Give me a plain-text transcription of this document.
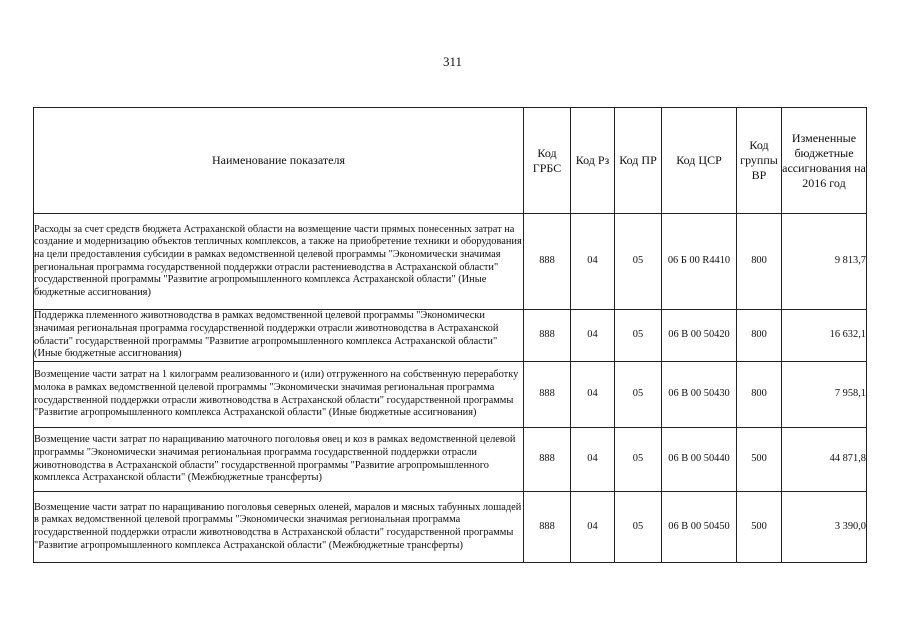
311
Наименование показателя	Код ГРБС	Код Рз	Код ПР	Код ЦСР	Код группы ВР	Измененные бюджетные ассигнования на 2016 год
Расходы за счет средств бюджета Астраханской области на возмещение части прямых понесенных затрат на создание и модернизацию объектов тепличных комплексов, а также на приобретение техники и оборудования на цели предоставления субсидии в рамках ведомственной целевой программы "Экономически значимая региональная программа государственной поддержки отрасли растениеводства в Астраханской области" государственной программы "Развитие агропромышленного комплекса Астраханской области" (Иные бюджетные ассигнования)	888	04	05	06 Б 00 R4410	800	9 813,7
Поддержка племенного животноводства в рамках ведомственной целевой программы "Экономически значимая региональная программа государственной поддержки отрасли животноводства в Астраханской области" государственной программы "Развитие агропромышленного комплекса Астраханской области" (Иные бюджетные ассигнования)	888	04	05	06 В 00 50420	800	16 632,1
Возмещение части затрат на 1 килограмм реализованного и (или) отгруженного на собственную переработку молока в рамках ведомственной целевой программы "Экономически значимая региональная программа государственной поддержки отрасли животноводства в Астраханской области" государственной программы "Развитие агропромышленного комплекса Астраханской области" (Иные бюджетные ассигнования)	888	04	05	06 В 00 50430	800	7 958,1
Возмещение части затрат по наращиванию маточного поголовья овец и коз в рамках ведомственной целевой программы "Экономически значимая региональная программа государственной поддержки отрасли животноводства в Астраханской области" государственной программы "Развитие агропромышленного комплекса Астраханской области" (Межбюджетные трансферты)	888	04	05	06 В 00 50440	500	44 871,8
Возмещение части затрат по наращиванию поголовья северных оленей, маралов и мясных табунных лошадей в рамках ведомственной целевой программы "Экономически значимая региональная программа государственной поддержки отрасли животноводства в Астраханской области" государственной программы "Развитие агропромышленного комплекса Астраханской области" (Межбюджетные трансферты)	888	04	05	06 В 00 50450	500	3 390,0
